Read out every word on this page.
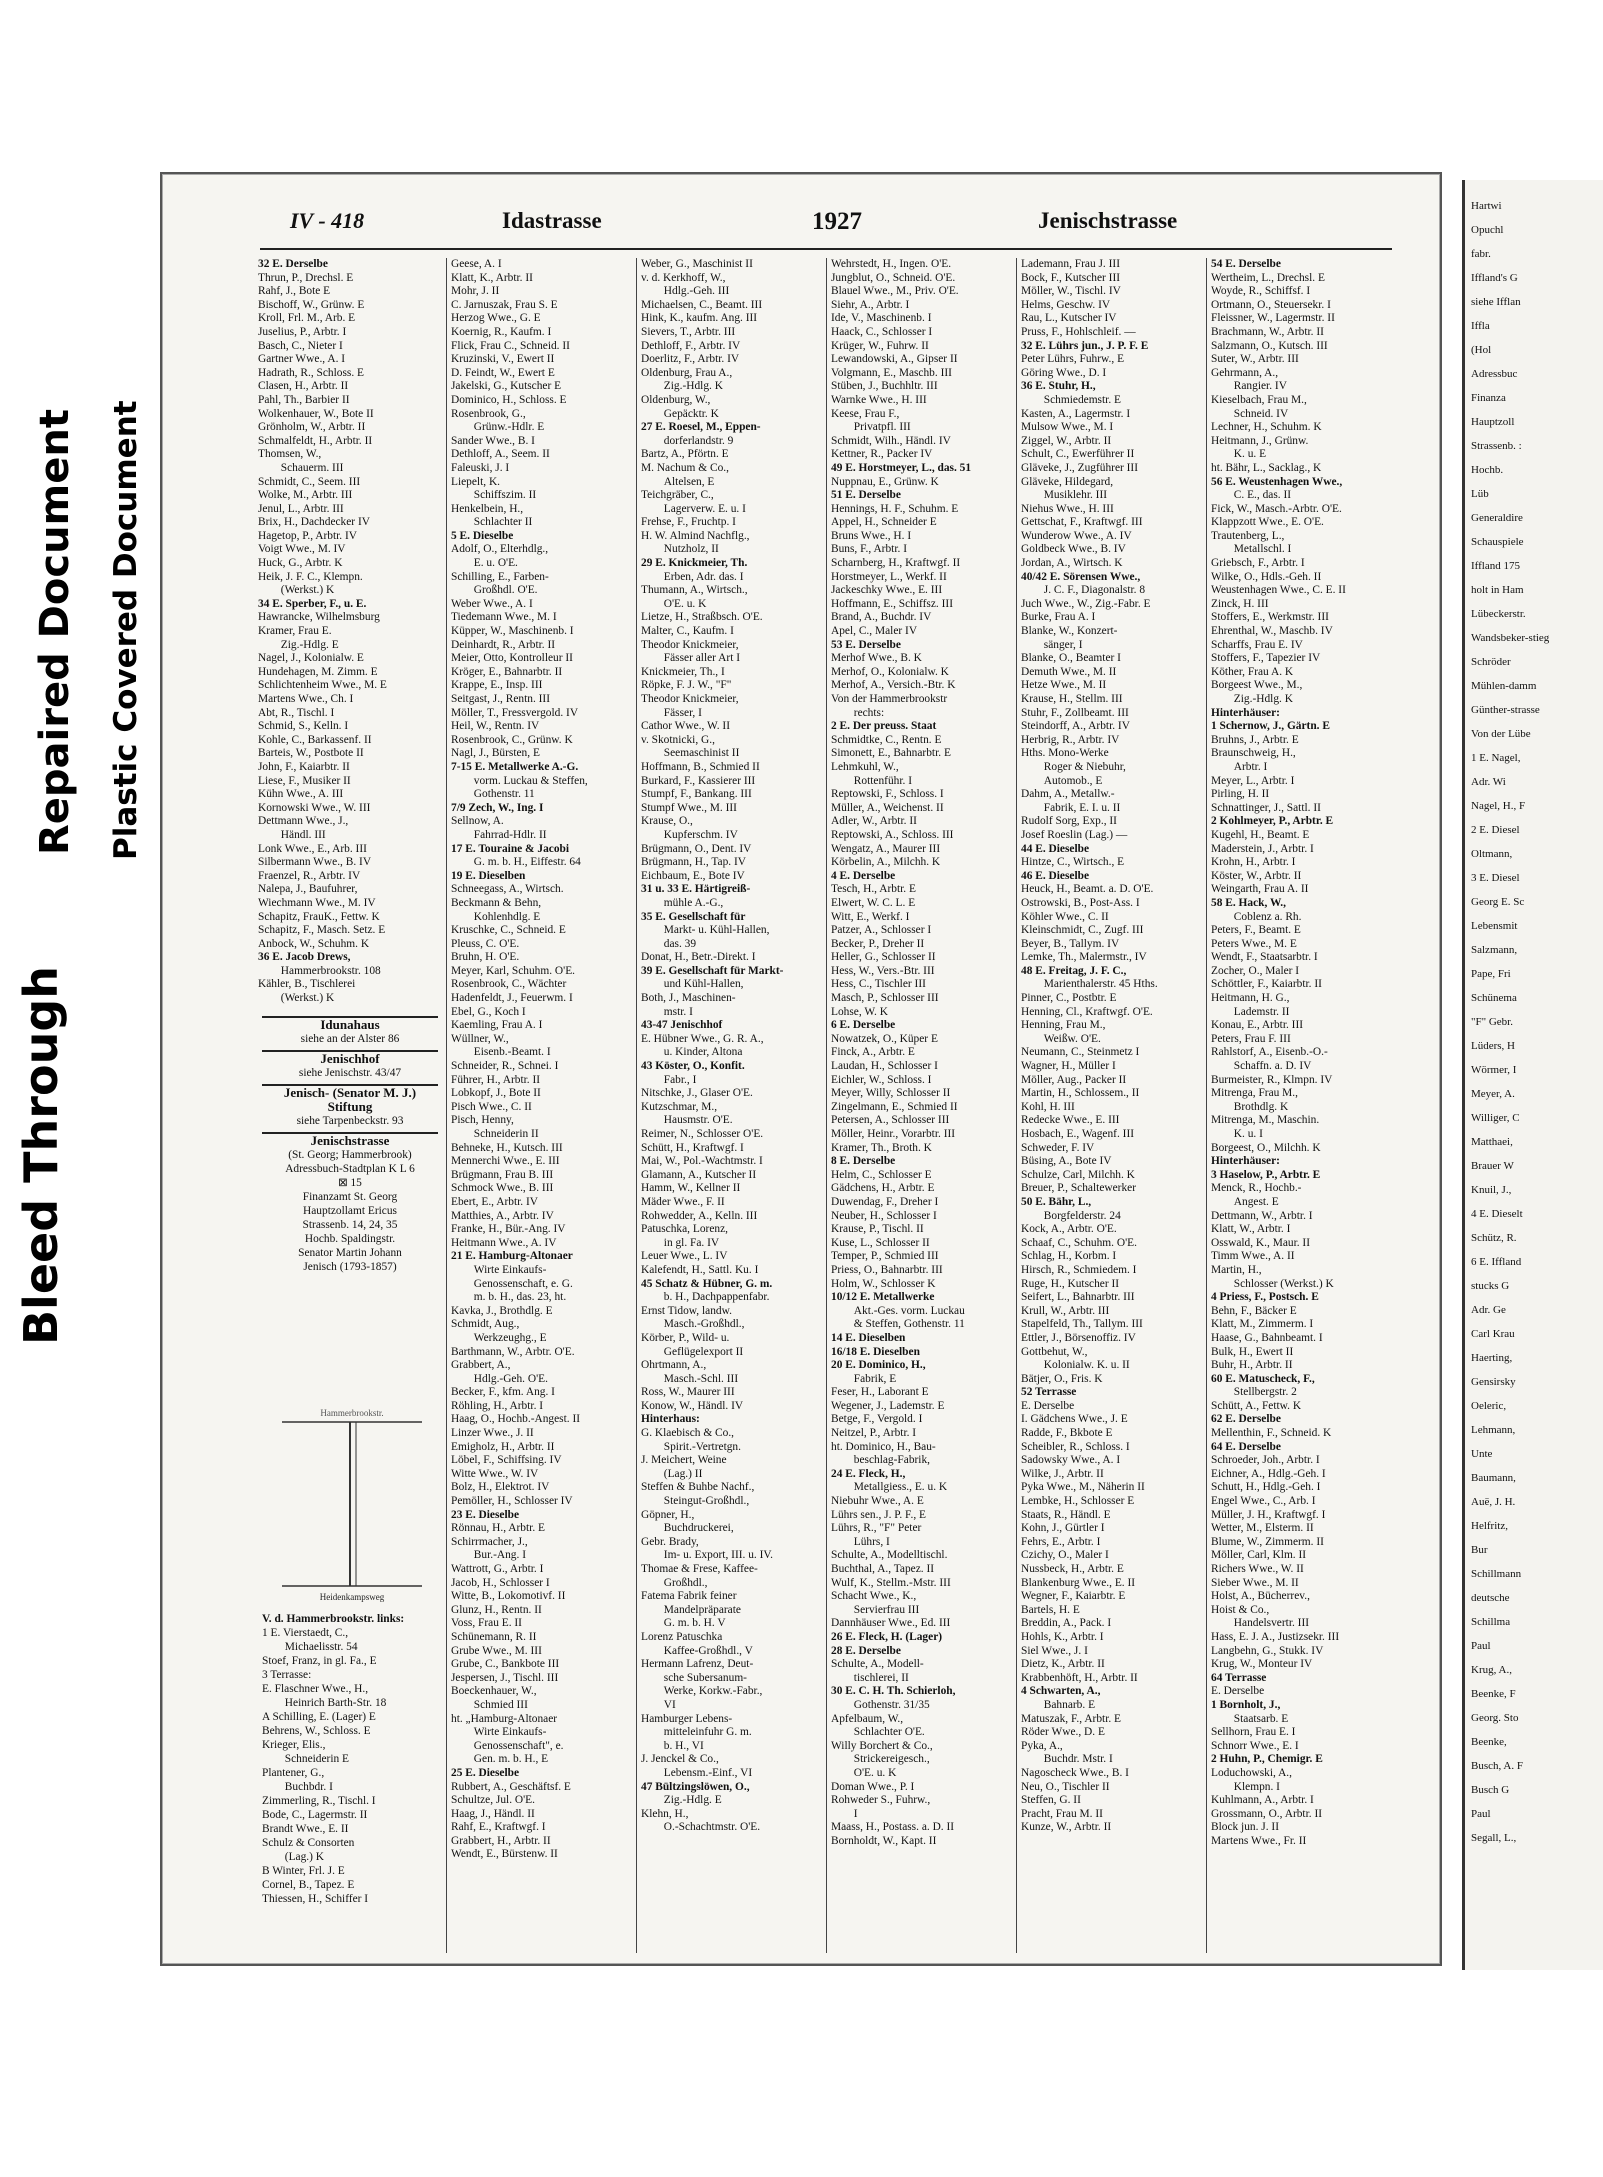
Bleed Through
Repaired Document Plastic Covered Document
IV - 418	Idastrasse	1927	Jenischstrasse
32 E. Derselbe
Thrun, P., Drechsl. E
Rahf, J., Bote E
Bischoff, W., Grünw. E
Kroll, Frl. M., Arb. E
Juselius, P., Arbtr. I
Basch, C., Nieter I
Gartner Wwe., A. I
Hadrath, R., Schloss. E
Clasen, H., Arbtr. II
Pahl, Th., Barbier II
Wolkenhauer, W., Bote II
Grönholm, W., Arbtr. II
Schmalfeldt, H., Arbtr. II
Thomsen, W.,
  Schauerm. III
Schmidt, C., Seem. III
Wolke, M., Arbtr. III
Jenul, L., Arbtr. III
Brix, H., Dachdecker IV
Hagetop, P., Arbtr. IV
Voigt Wwe., M. IV
Huck, G., Arbtr. K
Heik, J. F. C., Klempn.
  (Werkst.) K
34 E. Sperber, F., u. E.
Hawrancke, Wilhelmsburg
Kramer, Frau E.
  Zig.-Hdlg. E
Nagel, J., Kolonialw. E
Hundehagen, M. Zimm. E
Schlichtenheim Wwe., M. E
Martens Wwe., Ch. I
Abt, R., Tischl. I
Schmid, S., Kelln. I
Kohle, C., Barkassenf. II
Barteis, W., Postbote II
John, F., Kaiarbtr. II
Liese, F., Musiker II
Kühn Wwe., A. III
Kornowski Wwe., W. III
Dettmann Wwe., J.,
  Händl. III
Lonk Wwe., E., Arb. III
Silbermann Wwe., B. IV
Fraenzel, R., Arbtr. IV
Nalepa, J., Baufuhrer,
Wiechmann Wwe., M. IV
Schapitz, FrauK., Fettw. K
Schapitz, F., Masch. Setz. E
Anbock, W., Schuhm. K
36 E. Jacob Drews,
  Hammerbrookstr. 108
Kähler, B., Tischlerei
  (Werkst.) K
Geese, A. I
Klatt, K., Arbtr. II
Mohr, J. II
C. Jarnuszak, Frau S. E
Herzog Wwe., G. E
Koernig, R., Kaufm. I
Flick, Frau C., Schneid. II
Kruzinski, V., Ewert II
D. Feindt, W., Ewert E
Jakelski, G., Kutscher E
Dominico, H., Schloss. E
Rosenbrook, G.,
  Grünw.-Hdlr. E
Sander Wwe., B. I
Dethloff, A., Seem. II
Faleuski, J. I
Liepelt, K.
  Schiffszim. II
Henkelbein, H.,
  Schlachter II
5 E. Dieselbe
Adolf, O., Elterhdlg.,
  E. u. O'E.
Schilling, E., Farben-
  Großhdl. O'E.
Weber Wwe., A. I
Tiedemann Wwe., M. I
Küpper, W., Maschinenb. I
Deinhardt, R., Arbtr. II
Meier, Otto, Kontrolleur II
Kröger, E., Bahnarbtr. II
Krappe, E., Insp. III
Seitgast, J., Rentn. III
Möller, T., Fressvergold. IV
Heil, W., Rentn. IV
Rosenbrook, C., Grünw. K
Nagl, J., Bürsten, E
7-15 E. Metallwerke A.-G.
  vorm. Luckau & Steffen,
  Gothenstr. 11
7/9 Zech, W., Ing. I
Sellnow, A.
  Fahrrad-Hdlr. II
17 E. Touraine & Jacobi
  G. m. b. H., Eiffestr. 64
19 E. Dieselben
Schneegass, A., Wirtsch.
Beckmann & Behn,
  Kohlenhdlg. E
Kruschke, C., Schneid. E
Pleuss, C. O'E.
Bruhn, H. O'E.
Meyer, Karl, Schuhm. O'E.
Rosenbrook, C., Wächter
Hadenfeldt, J., Feuerwm. I
Ebel, G., Koch I
Kaemling, Frau A. I
Wüllner, W.,
  Eisenb.-Beamt. I
Schneider, R., Schnei. I
Führer, H., Arbtr. II
Lobkopf, J., Bote II
Pisch Wwe., C. II
Pisch, Henny,
  Schneiderin II
Behneke, H., Kutsch. III
Mennerchi Wwe., E. III
Brügmann, Frau B. III
Schmock Wwe., B. III
Ebert, E., Arbtr. IV
Matthies, A., Arbtr. IV
Franke, H., Bür.-Ang. IV
Heitmann Wwe., A. IV
21 E. Hamburg-Altonaer
  Wirte Einkaufs-
  Genossenschaft, e. G.
  m. b. H., das. 23, ht.
Kavka, J., Brothdlg. E
Schmidt, Aug.,
  Werkzeughg., E
Barthmann, W., Arbtr. O'E.
Grabbert, A.,
  Hdlg.-Geh. O'E.
Becker, F., kfm. Ang. I
Röhling, H., Arbtr. I
Haag, O., Hochb.-Angest. II
Linzer Wwe., J. II
Emigholz, H., Arbtr. II
Löbel, F., Schiffsing. IV
Witte Wwe., W. IV
Bolz, H., Elektrot. IV
Pemöller, H., Schlosser IV
23 E. Dieselbe
Rönnau, H., Arbtr. E
Schirrmacher, J.,
  Bur.-Ang. I
Wattrott, G., Arbtr. I
Jacob, H., Schlosser I
Witte, B., Lokomotivf. II
Glunz, H., Rentn. II
Voss, Frau E. II
Schünemann, R. II
Grube Wwe., M. III
Grube, C., Bankbote III
Jespersen, J., Tischl. III
Boeckenhauer, W.,
  Schmied III
ht. „Hamburg-Altonaer
  Wirte Einkaufs-
  Genossenschaft", e.
  Gen. m. b. H., E
25 E. Dieselbe
Rubbert, A., Geschäftsf. E
Schultze, Jul. O'E.
Haag, J., Händl. II
Rahf, E., Kraftwgf. I
Grabbert, H., Arbtr. II
Wendt, E., Bürstenw. II
Weber, G., Maschinist II
v. d. Kerkhoff, W.,
  Hdlg.-Geh. III
Michaelsen, C., Beamt. III
Hink, K., kaufm. Ang. III
Sievers, T., Arbtr. III
Dethloff, F., Arbtr. IV
Doerlitz, F., Arbtr. IV
Oldenburg, Frau A.,
  Zig.-Hdlg. K
Oldenburg, W.,
  Gepäcktr. K
27 E. Roesel, M., Eppen-
  dorferlandstr. 9
Bartz, A., Pförtn. E
M. Nachum & Co.,
  Altelsen, E
Teichgräber, C.,
  Lagerverw. E. u. I
Frehse, F., Fruchtp. I
H. W. Almind Nachflg.,
  Nutzholz, II
29 E. Knickmeier, Th.
  Erben, Adr. das. I
Thumann, A., Wirtsch.,
  O'E. u. K
Lietze, H., Straßbsch. O'E.
Malter, C., Kaufm. I
Theodor Knickmeier,
  Fässer aller Art I
Knickmeier, Th., I
Röpke, F. J. W., "F"
Theodor Knickmeier,
  Fässer, I
Cathor Wwe., W. II
v. Skotnicki, G.,
  Seemaschinist II
Hoffmann, B., Schmied II
Burkard, F., Kassierer III
Stumpf, F., Bankang. III
Stumpf Wwe., M. III
Krause, O.,
  Kupferschm. IV
Brügmann, O., Dent. IV
Brügmann, H., Tap. IV
Eichbaum, E., Bote IV
31 u. 33 E. Härtigreiß-
  mühle A.-G.,
35 E. Gesellschaft für
  Markt- u. Kühl-Hallen,
  das. 39
Donat, H., Betr.-Direkt. I
39 E. Gesellschaft für Markt-
  und Kühl-Hallen,
Both, J., Maschinen-
  mstr. I
43-47 Jenischhof
E. Hübner Wwe., G. R. A.,
  u. Kinder, Altona
43 Köster, O., Konfit.
  Fabr., I
Nitschke, J., Glaser O'E.
Kutzschmar, M.,
  Hausmstr. O'E.
Reimer, N., Schlosser O'E.
Schütt, H., Kraftwgf. I
Mai, W., Pol.-Wachtmstr. I
Glamann, A., Kutscher II
Hamm, W., Kellner II
Mäder Wwe., F. II
Rohwedder, A., Kelln. III
Patuschka, Lorenz,
  in gl. Fa. IV
Leuer Wwe., L. IV
Kalefendt, H., Sattl. Ku. I
45 Schatz & Hübner, G. m.
  b. H., Dachpappenfabr.
Ernst Tidow, landw.
  Masch.-Großhdl.,
Körber, P., Wild- u.
  Geflügelexport II
Ohrtmann, A.,
  Masch.-Schl. III
Ross, W., Maurer III
Konow, W., Händl. IV
Hinterhaus:
G. Klaebisch & Co.,
  Spirit.-Vertretgn.
J. Meichert, Weine
  (Lag.) II
Steffen & Buhbe Nachf.,
  Steingut-Großhdl.,
Göpner, H.,
  Buchdruckerei,
Gebr. Brady,
  Im- u. Export, III. u. IV.
Thomae & Frese, Kaffee-
  Großhdl.,
Fatema Fabrik feiner
  Mandelpräparate
  G. m. b. H. V
Lorenz Patuschka
  Kaffee-Großhdl., V
Hermann Lafrenz, Deut-
  sche Subersanum-
  Werke, Korkw.-Fabr.,
  VI
Hamburger Lebens-
  mitteleinfuhr G. m.
  b. H., VI
J. Jenckel & Co.,
  Lebensm.-Einf., VI
47 Bültzingslöwen, O.,
  Zig.-Hdlg. E
Klehn, H.,
  O.-Schachtmstr. O'E.
Wehrstedt, H., Ingen. O'E.
Jungblut, O., Schneid. O'E.
Blauel Wwe., M., Priv. O'E.
Siehr, A., Arbtr. I
Ide, V., Maschinenb. I
Haack, C., Schlosser I
Krüger, W., Fuhrw. II
Lewandowski, A., Gipser II
Volgmann, E., Maschb. III
Stüben, J., Buchhltr. III
Warnke Wwe., H. III
Keese, Frau F.,
  Privatpfl. III
Schmidt, Wilh., Händl. IV
Kettner, R., Packer IV
49 E. Horstmeyer, L., das. 51
Nuppnau, E., Grünw. K
51 E. Derselbe
Hennings, H. F., Schuhm. E
Appel, H., Schneider E
Bruns Wwe., H. I
Buns, F., Arbtr. I
Scharnberg, H., Kraftwgf. II
Horstmeyer, L., Werkf. II
Jackeschky Wwe., E. III
Hoffmann, E., Schiffsz. III
Brand, A., Buchdr. IV
Apel, C., Maler IV
53 E. Derselbe
Merhof Wwe., B. K
Merhof, O., Kolonialw. K
Merhof, A., Versich.-Btr. K
Von der Hammerbrookstr
  rechts:
2 E. Der preuss. Staat
Schmidtke, C., Rentn. E
Simonett, E., Bahnarbtr. E
Lehmkuhl, W.,
  Rottenführ. I
Reptowski, F., Schloss. I
Müller, A., Weichenst. II
Adler, W., Arbtr. II
Reptowski, A., Schloss. III
Wengatz, A., Maurer III
Körbelin, A., Milchh. K
4 E. Derselbe
Tesch, H., Arbtr. E
Elwert, W. C. L. E
Witt, E., Werkf. I
Patzer, A., Schlosser I
Becker, P., Dreher II
Heller, G., Schlosser II
Hess, W., Vers.-Btr. III
Hess, C., Tischler III
Masch, P., Schlosser III
Lohse, W. K
6 E. Derselbe
Nowatzek, O., Küper E
Finck, A., Arbtr. E
Laudan, H., Schlosser I
Eichler, W., Schloss. I
Meyer, Willy, Schlosser II
Zingelmann, E., Schmied II
Petersen, A., Schlosser III
Möller, Heinr., Vorarbtr. III
Kramer, Th., Broth. K
8 E. Derselbe
Helm, C., Schlosser E
Gädchens, H., Arbtr. E
Duwendag, F., Dreher I
Neuber, H., Schlosser I
Krause, P., Tischl. II
Kuse, L., Schlosser II
Temper, P., Schmied III
Priess, O., Bahnarbtr. III
Holm, W., Schlosser K
10/12 E. Metallwerke
  Akt.-Ges. vorm. Luckau
  & Steffen, Gothenstr. 11
14 E. Dieselben
16/18 E. Dieselben
20 E. Dominico, H.,
  Fabrik, E
Feser, H., Laborant E
Wegener, J., Lademstr. E
Betge, F., Vergold. I
Neitzel, P., Arbtr. I
ht. Dominico, H., Bau-
  beschlag-Fabrik,
24 E. Fleck, H.,
  Metallgiess., E. u. K
Niebuhr Wwe., A. E
Lührs sen., J. P. F., E
Lührs, R., "F" Peter
  Lührs, I
Schulte, A., Modelltischl.
Buchthal, A., Tapez. II
Wulf, K., Stellm.-Mstr. III
Schacht Wwe., K.,
  Servierfrau III
Dannhäuser Wwe., Ed. III
26 E. Fleck, H. (Lager)
28 E. Derselbe
Schulte, A., Modell-
  tischlerei, II
30 E. C. H. Th. Schierloh,
  Gothenstr. 31/35
Apfelbaum, W.,
  Schlachter O'E.
Willy Borchert & Co.,
  Strickereigesch.,
  O'E. u. K
Doman Wwe., P. I
Rohweder S., Fuhrw.,
  I
Maass, H., Postass. a. D. II
Bornholdt, W., Kapt. II
Lademann, Frau J. III
Bock, F., Kutscher III
Möller, W., Tischl. IV
Helms, Geschw. IV
Rau, L., Kutscher IV
Pruss, F., Hohlschleif. —
32 E. Lührs jun., J. P. F. E
Peter Lührs, Fuhrw., E
Göring Wwe., D. I
36 E. Stuhr, H.,
  Schmiedemstr. E
Kasten, A., Lagermstr. I
Mulsow Wwe., M. I
Ziggel, W., Arbtr. II
Schult, C., Ewerführer II
Gläveke, J., Zugführer III
Gläveke, Hildegard,
  Musiklehr. III
Niehus Wwe., H. III
Gettschat, F., Kraftwgf. III
Wunderow Wwe., A. IV
Goldbeck Wwe., B. IV
Jordan, A., Wirtsch. K
40/42 E. Sörensen Wwe.,
  J. C. F., Diagonalstr. 8
Juch Wwe., W., Zig.-Fabr. E
Burke, Frau A. I
Blanke, W., Konzert-
  sänger, I
Blanke, O., Beamter I
Demuth Wwe., M. II
Hetze Wwe., M. II
Krause, H., Stellm. III
Stuhr, F., Zollbeamt. III
Steindorff, A., Arbtr. IV
Herbrig, R., Arbtr. IV
Hths. Mono-Werke
  Roger & Niebuhr,
  Automob., E
Dahm, A., Metallw.-
  Fabrik, E. I. u. II
Rudolf Sorg, Exp., II
Josef Roeslin (Lag.) —
44 E. Dieselbe
Hintze, C., Wirtsch., E
46 E. Dieselbe
Heuck, H., Beamt. a. D. O'E.
Ostrowski, B., Post-Ass. I
Köhler Wwe., C. II
Kleinschmidt, C., Zugf. III
Beyer, B., Tallym. IV
Lemke, Th., Malermstr., IV
48 E. Freitag, J. F. C.,
  Marienthalerstr. 45 Hths.
Pinner, C., Postbtr. E
Henning, Cl., Kraftwgf. O'E.
Henning, Frau M.,
  Weißw. O'E.
Neumann, C., Steinmetz I
Wagner, H., Müller I
Möller, Aug., Packer II
Martin, H., Schlossem., II
Kohl, H. III
Redecke Wwe., E. III
Hosbach, E., Wagenf. III
Schweder, F. IV
Büsing, A., Bote IV
Schulze, Carl, Milchh. K
Breuer, P., Schaltewerker
50 E. Bähr, L.,
  Borgfelderstr. 24
Kock, A., Arbtr. O'E.
Schaaf, C., Schuhm. O'E.
Schlag, H., Korbm. I
Hirsch, R., Schmiedem. I
Ruge, H., Kutscher II
Seifert, L., Bahnarbtr. III
Krull, W., Arbtr. III
Stapelfeld, Th., Tallym. III
Ettler, J., Börsenoffiz. IV
Gottbehut, W.,
  Kolonialw. K. u. II
Bätjer, O., Fris. K
52 Terrasse
E. Derselbe
I. Gädchens Wwe., J. E
Radde, F., Bkbote E
Scheibler, R., Schloss. I
Sadowsky Wwe., A. I
Wilke, J., Arbtr. II
Pyka Wwe., M., Näherin II
Lembke, H., Schlosser E
Staats, R., Händl. E
Kohn, J., Gürtler I
Fehrs, E., Arbtr. I
Czichy, O., Maler I
Nussbeck, H., Arbtr. E
Blankenburg Wwe., E. II
Wegner, F., Kaiarbtr. E
Bartels, H. E
Breddin, A., Pack. I
Hohls, K., Arbtr. I
Siel Wwe., J. I
Dietz, K., Arbtr. II
Krabbenhöft, H., Arbtr. II
4 Schwarten, A.,
  Bahnarb. E
Matuszak, F., Arbtr. E
Röder Wwe., D. E
Pyka, A.,
  Buchdr. Mstr. I
Nagoscheck Wwe., B. I
Neu, O., Tischler II
Steffen, G. II
Pracht, Frau M. II
Kunze, W., Arbtr. II
54 E. Derselbe
Wertheim, L., Drechsl. E
Woyde, R., Schiffsf. I
Ortmann, O., Steuersekr. I
Fleissner, W., Lagermstr. II
Brachmann, W., Arbtr. II
Salzmann, O., Kutsch. III
Suter, W., Arbtr. III
Gehrmann, A.,
  Rangier. IV
Kieselbach, Frau M.,
  Schneid. IV
Lechner, H., Schuhm. K
Heitmann, J., Grünw.
  K. u. E
ht. Bähr, L., Sacklag., K
56 E. Weustenhagen Wwe.,
  C. E., das. II
Fick, W., Masch.-Arbtr. O'E.
Klappzott Wwe., E. O'E.
Trautenberg, L.,
  Metallschl. I
Griebsch, F., Arbtr. I
Wilke, O., Hdls.-Geh. II
Weustenhagen Wwe., C. E. II
Zinck, H. III
Stoffers, E., Werkmstr. III
Ehrenthal, W., Maschb. IV
Scharffs, Frau E. IV
Stoffers, F., Tapezier IV
Köther, Frau A. K
Borgeest Wwe., M.,
  Zig.-Hdlg. K
Hinterhäuser:
1 Schernow, J., Gärtn. E
Bruhns, J., Arbtr. E
Braunschweig, H.,
  Arbtr. I
Meyer, L., Arbtr. I
Pirling, H. II
Schnattinger, J., Sattl. II
2 Kohlmeyer, P., Arbtr. E
Kugehl, H., Beamt. E
Maderstein, J., Arbtr. I
Krohn, H., Arbtr. I
Köster, W., Arbtr. II
Weingarth, Frau A. II
58 E. Hack, W.,
  Coblenz a. Rh.
Peters, F., Beamt. E
Peters Wwe., M. E
Wendt, F., Staatsarbtr. I
Zocher, O., Maler I
Schöttler, F., Kaiarbtr. II
Heitmann, H. G.,
  Lademstr. II
Konau, E., Arbtr. III
Peters, Frau F. III
Rahlstorf, A., Eisenb.-O.-
  Schaffn. a. D. IV
Burmeister, R., Klmpn. IV
Mitrenga, Frau M.,
  Brothdlg. K
Mitrenga, M., Maschin.
  K. u. I
Borgeest, O., Milchh. K
Hinterhäuser:
3 Haselow, P., Arbtr. E
Menck, R., Hochb.-
  Angest. E
Dettmann, W., Arbtr. I
Klatt, W., Arbtr. I
Osswald, K., Maur. II
Timm Wwe., A. II
Martin, H.,
  Schlosser (Werkst.) K
4 Priess, F., Postsch. E
Behn, F., Bäcker E
Klatt, M., Zimmerm. I
Haase, G., Bahnbeamt. I
Bulk, H., Ewert II
Buhr, H., Arbtr. II
60 E. Matuscheck, F.,
  Stellbergstr. 2
Schütt, A., Fettw. K
62 E. Derselbe
Mellenthin, F., Schneid. K
64 E. Derselbe
Schroeder, Joh., Arbtr. I
Eichner, A., Hdlg.-Geh. I
Schutt, H., Hdlg.-Geh. I
Engel Wwe., C., Arb. I
Müller, J. H., Kraftwgf. I
Wetter, M., Elsterm. II
Blume, W., Zimmerm. II
Möller, Carl, Klm. II
Richers Wwe., W. II
Sieber Wwe., M. II
Holst, A., Bücherrev.,
Hoist & Co.,
  Handelsvertr. III
Hass, E. J. A., Justizsekr. III
Langbehn, G., Stukk. IV
Krug, W., Monteur IV
64 Terrasse
E. Derselbe
1 Bornholt, J.,
  Staatsarb. E
Sellhorn, Frau E. I
Schnorr Wwe., E. I
2 Huhn, P., Chemigr. E
Loduchowski, A.,
  Klempn. I
Kuhlmann, A., Arbtr. I
Grossmann, O., Arbtr. II
Block jun. J. II
Martens Wwe., Fr. II
Idunahaus
siehe an der Alster 86
Jenischhof
siehe Jenischstr. 43/47
Jenisch- (Senator M. J.) Stiftung
siehe Tarpenbeckstr. 93
Jenischstrasse
(St. Georg; Hammerbrook)
Adressbuch-Stadtplan K L 6
⊠ 15
Finanzamt St. Georg
Hauptzollamt Ericus
Strassenb. 14, 24, 35
Hochb. Spaldingstr.
Senator Martin Johann
Jenisch (1793-1857)
Hammerbrookstr.
Heidenkampsweg
V. d. Hammerbrookstr. links:
1 E. Vierstaedt, C.,
  Michaelisstr. 54
Stoef, Franz, in gl. Fa., E
3 Terrasse:
E. Flaschner Wwe., H.,
  Heinrich Barth-Str. 18
A Schilling, E. (Lager) E
Behrens, W., Schloss. E
Krieger, Elis.,
  Schneiderin E
Plantener, G.,
  Buchbdr. I
Zimmerling, R., Tischl. I
Bode, C., Lagermstr. II
Brandt Wwe., E. II
Schulz & Consorten
  (Lag.) K
B Winter, Frl. J. E
Cornel, B., Tapez. E
Thiessen, H., Schiffer I
Hartwi
Opuchl
fabr.
Iffland's G
siehe Ifflan
Iffla
(Hol
Adressbuc
Finanza
Hauptzoll
Strassenb. :
Hochb.
Lüb
Generaldire
Schauspiele
Iffland 175
holt in Ham
Lübeckerstr.
Wandsbeker-stieg
Schröder
Mühlen-damm
Günther-strasse
Von der Lübe
1 E. Nagel,
Adr. Wi
Nagel, H., F
2 E. Diesel
Oltmann,
3 E. Diesel
Georg E. Sc
Lebensmit
Salzmann,
Pape, Fri
Schünema
"F" Gebr.
Lüders, H
Wörmer, I
Meyer, A.
Williger, C
Matthaei,
Brauer W
Knuil, J.,
4 E. Dieselt
Schütz, R.
6 E. Iffland
stucks G
Adr. Ge
Carl Krau
Haerting,
Gensirsky
Oeleric,
Lehmann,
Unte
Baumann,
Auë, J. H.
Helfritz,
Bur
Schillmann
deutsche
Schillma
Paul
Krug, A.,
Beenke, F
Georg. Sto
Beenke,
Busch, A. F
Busch G
Paul
Segall, L.,
